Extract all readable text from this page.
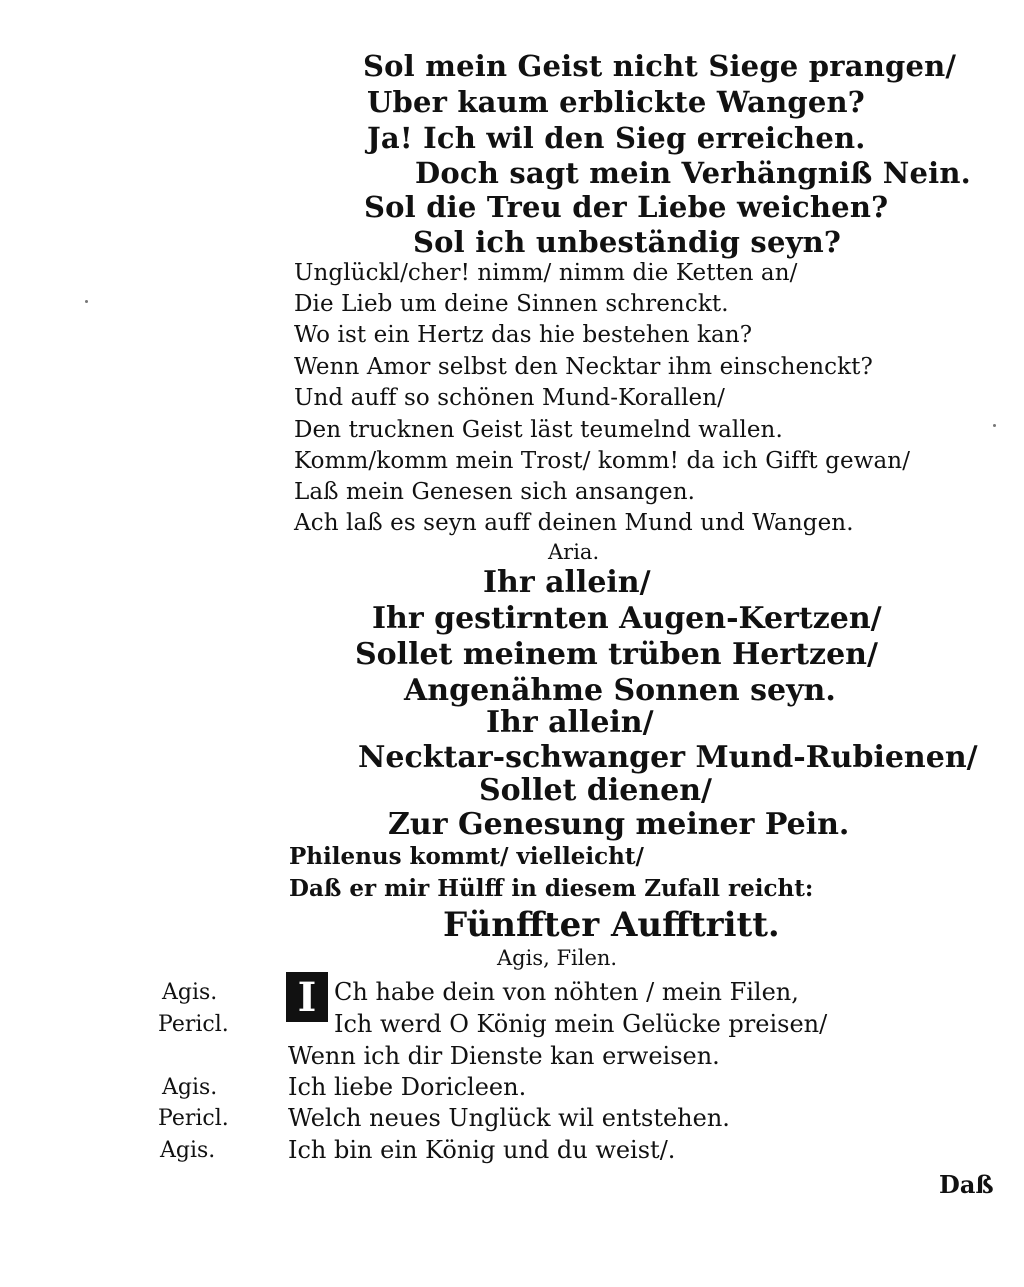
Sol mein Geist nicht Siege prangen/
Uber kaum erblickte Wangen?
Ja! Ich wil den Sieg erreichen.
Doch sagt mein Verhängniß Nein.
Sol die Treu der Liebe weichen?
Sol ich unbeständig seyn?
Unglückl/cher! nimm/ nimm die Ketten an/
Die Lieb um deine Sinnen schrenckt.
Wo ist ein Hertz das hie bestehen kan?
Wenn Amor selbst den Necktar ihm einschenckt?
Und auff so schönen Mund-Korallen/
Den trucknen Geist läst teumelnd wallen.
Komm/komm mein Trost/ komm! da ich Gifft gewan/
Laß mein Genesen sich ansangen.
Ach laß es seyn auff deinen Mund und Wangen.
Aria.
Ihr allein/
Ihr gestirnten Augen-Kertzen/
Sollet meinem trüben Hertzen/
Angenähme Sonnen seyn.
Ihr allein/
Necktar-schwanger Mund-Rubienen/
Sollet dienen/
Zur Genesung meiner Pein.
Philenus kommt/ vielleicht/
Daß er mir Hülff in diesem Zufall reicht:
Fünffter Aufftritt.
Agis, Filen.
I
Agis.	Ch habe dein von nöhten / mein Filen,
Pericl.	Ich werd O König mein Gelücke preisen/
Wenn ich dir Dienste kan erweisen.
Agis.	Ich liebe Doricleen.
Pericl. Welch neues Unglück wil entstehen.
Agis.	Ich bin ein König und du weist/.
Daß
